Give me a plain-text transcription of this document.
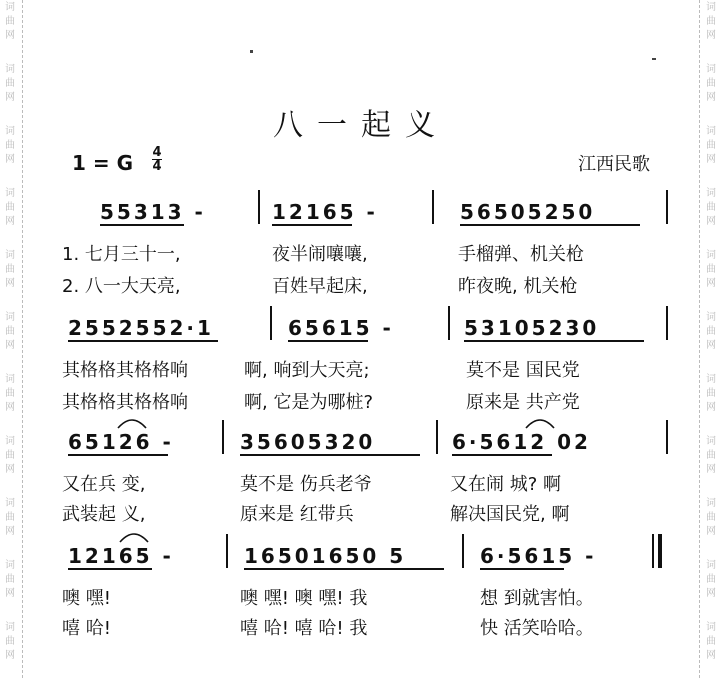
词
曲
网
词
曲
网
词
曲
网
词
曲
网
词
曲
网
词
曲
网
词
曲
网
词
曲
网
词
曲
网
词
曲
网
词
曲
网
词
曲
网
词
曲
网
词
曲
网
词
曲
网
词
曲
网
词
曲
网
词
曲
网
词
曲
网
词
曲
网
词
曲
网
词
曲
网
八一起义
1 = G 4
4	江西民歌
55313 -	12165 -	56505250
1. 七月三十一,	夜半闹嚷嚷,	手榴弹、机关枪
2. 八一大天亮,	百姓早起床,	昨夜晚, 机关枪
2552552·1	65615 -	53105230
其格格其格格响	啊, 响到大天亮;	莫不是 国民党
其格格其格格响	啊, 它是为哪桩?	原来是 共产党
65126 -	35605320	6·5612 02
又在兵 变,	莫不是 伤兵老爷	又在闹 城? 啊
武装起 义,	原来是 红带兵	解决国民党, 啊
12165 -	16501650 5	6·5615 -
噢 嘿!	噢 嘿! 噢 嘿! 我	想 到就害怕。
嘻 哈!	嘻 哈! 嘻 哈! 我	快 活笑哈哈。
